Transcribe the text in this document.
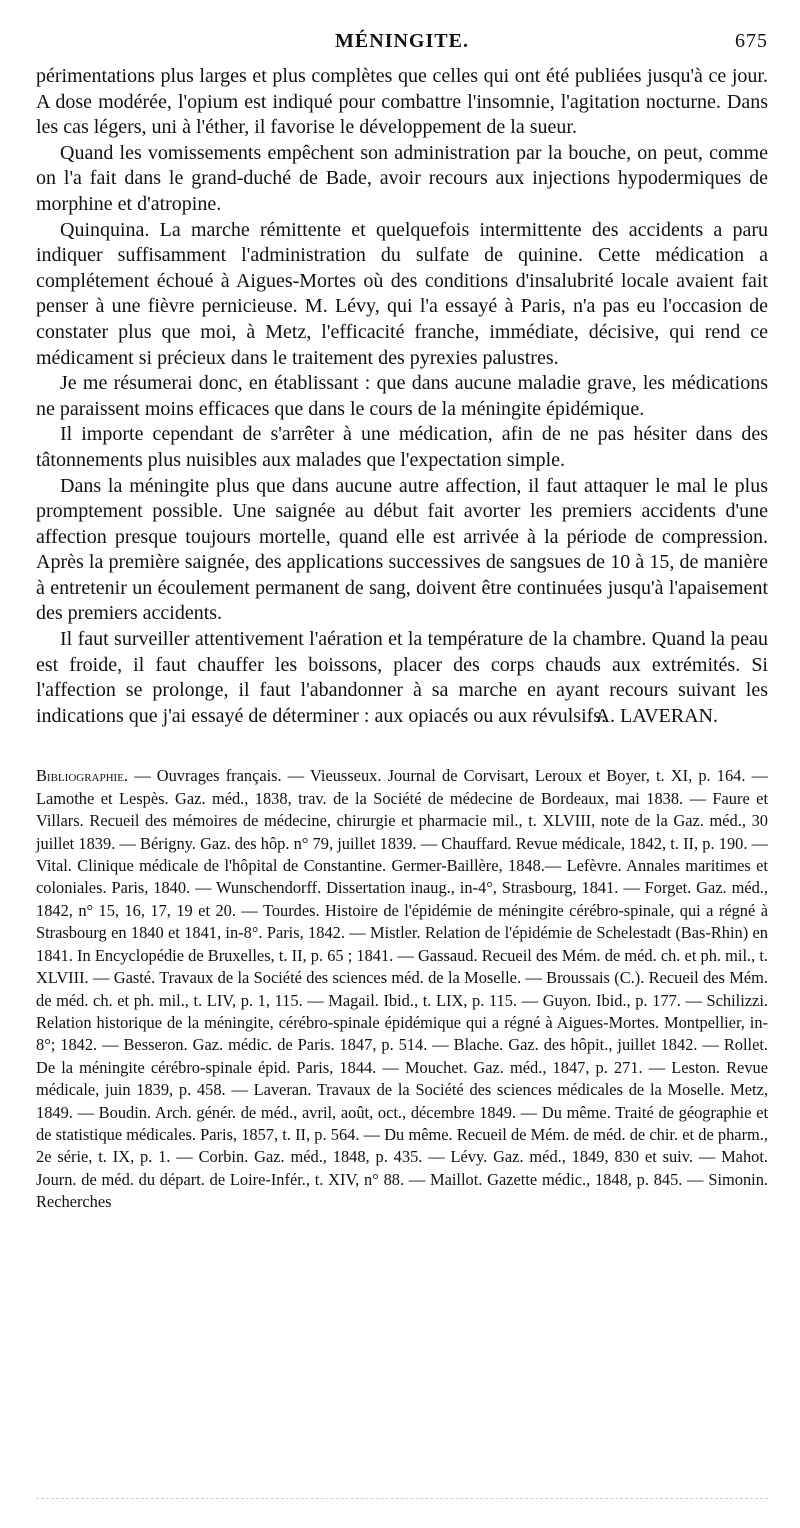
MÉNINGITE.	675

périmentations plus larges et plus complètes que celles qui ont été publiées jusqu'à ce jour. A dose modérée, l'opium est indiqué pour combattre l'insomnie, l'agitation nocturne. Dans les cas légers, uni à l'éther, il favorise le développement de la sueur.

Quand les vomissements empêchent son administration par la bouche, on peut, comme on l'a fait dans le grand-duché de Bade, avoir recours aux injections hypodermiques de morphine et d'atropine.

Quinquina. La marche rémittente et quelquefois intermittente des accidents a paru indiquer suffisamment l'administration du sulfate de quinine. Cette médication a complétement échoué à Aigues-Mortes où des conditions d'insalubrité locale avaient fait penser à une fièvre pernicieuse. M. Lévy, qui l'a essayé à Paris, n'a pas eu l'occasion de constater plus que moi, à Metz, l'efficacité franche, immédiate, décisive, qui rend ce médicament si précieux dans le traitement des pyrexies palustres.

Je me résumerai donc, en établissant : que dans aucune maladie grave, les médications ne paraissent moins efficaces que dans le cours de la méningite épidémique.

Il importe cependant de s'arrêter à une médication, afin de ne pas hésiter dans des tâtonnements plus nuisibles aux malades que l'expectation simple.

Dans la méningite plus que dans aucune autre affection, il faut attaquer le mal le plus promptement possible. Une saignée au début fait avorter les premiers accidents d'une affection presque toujours mortelle, quand elle est arrivée à la période de compression. Après la première saignée, des applications successives de sangsues de 10 à 15, de manière à entretenir un écoulement permanent de sang, doivent être continuées jusqu'à l'apaisement des premiers accidents.

Il faut surveiller attentivement l'aération et la température de la chambre. Quand la peau est froide, il faut chauffer les boissons, placer des corps chauds aux extrémités. Si l'affection se prolonge, il faut l'abandonner à sa marche en ayant recours suivant les indications que j'ai essayé de déterminer : aux opiacés ou aux révulsifs.

A. LAVERAN.
Bibliographie. — Ouvrages français. — Vieusseux. Journal de Corvisart, Leroux et Boyer, t. XI, p. 164. — Lamothe et Lespès. Gaz. méd., 1838, trav. de la Société de médecine de Bordeaux, mai 1838. — Faure et Villars. Recueil des mémoires de médecine, chirurgie et pharmacie mil., t. XLVIII, note de la Gaz. méd., 30 juillet 1839. — Bérigny. Gaz. des hôp. n° 79, juillet 1839. — Chauffard. Revue médicale, 1842, t. II, p. 190. — Vital. Clinique médicale de l'hôpital de Constantine. Germer-Baillère, 1848.— Lefèvre. Annales maritimes et coloniales. Paris, 1840. — Wunschendorff. Dissertation inaug., in-4°, Strasbourg, 1841. — Forget. Gaz. méd., 1842, n° 15, 16, 17, 19 et 20. — Tourdes. Histoire de l'épidémie de méningite cérébro-spinale, qui a régné à Strasbourg en 1840 et 1841, in-8°. Paris, 1842. — Mistler. Relation de l'épidémie de Schelestadt (Bas-Rhin) en 1841. In Encyclopédie de Bruxelles, t. II, p. 65 ; 1841. — Gassaud. Recueil des Mém. de méd. ch. et ph. mil., t. XLVIII. — Gasté. Travaux de la Société des sciences méd. de la Moselle. — Broussais (C.). Recueil des Mém. de méd. ch. et ph. mil., t. LIV, p. 1, 115. — Magail. Ibid., t. LIX, p. 115. — Guyon. Ibid., p. 177. — Schilizzi. Relation historique de la méningite, cérébro-spinale épidémique qui a régné à Aigues-Mortes. Montpellier, in-8°; 1842. — Besseron. Gaz. médic. de Paris. 1847, p. 514. — Blache. Gaz. des hôpit., juillet 1842. — Rollet. De la méningite cérébro-spinale épid. Paris, 1844. — Mouchet. Gaz. méd., 1847, p. 271. — Leston. Revue médicale, juin 1839, p. 458. — Laveran. Travaux de la Société des sciences médicales de la Moselle. Metz, 1849. — Boudin. Arch. génér. de méd., avril, août, oct., décembre 1849. — Du même. Traité de géographie et de statistique médicales. Paris, 1857, t. II, p. 564. — Du même. Recueil de Mém. de méd. de chir. et de pharm., 2e série, t. IX, p. 1. — Corbin. Gaz. méd., 1848, p. 435. — Lévy. Gaz. méd., 1849, 830 et suiv. — Mahot. Journ. de méd. du départ. de Loire-Infér., t. XIV, n° 88. — Maillot. Gazette médic., 1848, p. 845. — Simonin. Recherches
